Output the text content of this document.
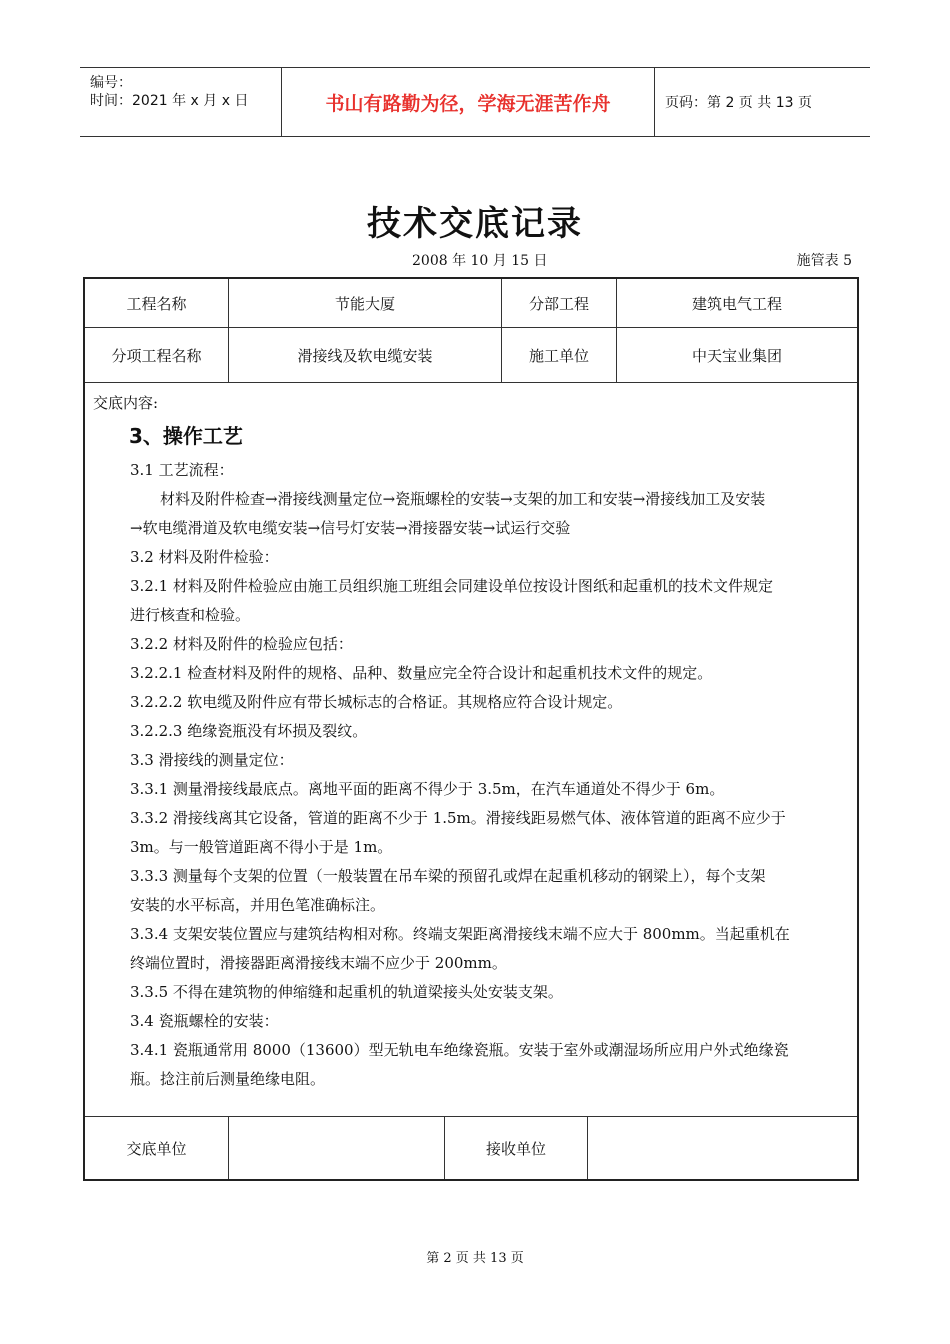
编号：
时间：2021 年 x 月 x 日	书山有路勤为径，学海无涯苦作舟	页码：第 2 页 共 13 页
技术交底记录
2008 年 10 月 15 日	施管表 5
工程名称	节能大厦	分部工程	建筑电气工程
分项工程名称	滑接线及软电缆安装	施工单位	中天宝业集团

交底内容:

3、操作工艺

3.1 工艺流程：

材料及附件检查→滑接线测量定位→瓷瓶螺栓的安装→支架的加工和安装→滑接线加工及安装

→软电缆滑道及软电缆安装→信号灯安装→滑接器安装→试运行交验

3.2 材料及附件检验：

3.2.1 材料及附件检验应由施工员组织施工班组会同建设单位按设计图纸和起重机的技术文件规定

进行核查和检验。

3.2.2 材料及附件的检验应包括：

3.2.2.1 检查材料及附件的规格、品种、数量应完全符合设计和起重机技术文件的规定。

3.2.2.2 软电缆及附件应有带长城标志的合格证。其规格应符合设计规定。

3.2.2.3 绝缘瓷瓶没有坏损及裂纹。

3.3 滑接线的测量定位：

3.3.1 测量滑接线最底点。离地平面的距离不得少于 3.5m，在汽车通道处不得少于 6m。

3.3.2 滑接线离其它设备，管道的距离不少于 1.5m。滑接线距易燃气体、液体管道的距离不应少于

3m。与一般管道距离不得小于是 1m。

3.3.3 测量每个支架的位置（一般装置在吊车梁的预留孔或焊在起重机移动的钢梁上），每个支架

安装的水平标高，并用色笔准确标注。

3.3.4 支架安装位置应与建筑结构相对称。终端支架距离滑接线末端不应大于 800mm。当起重机在

终端位置时，滑接器距离滑接线末端不应少于 200mm。

3.3.5 不得在建筑物的伸缩缝和起重机的轨道梁接头处安装支架。

3.4 瓷瓶螺栓的安装：

3.4.1 瓷瓶通常用 8000（13600）型无轨电车绝缘瓷瓶。安装于室外或潮湿场所应用户外式绝缘瓷

瓶。捻注前后测量绝缘电阻。

交底单位	接收单位
第 2 页 共 13 页
